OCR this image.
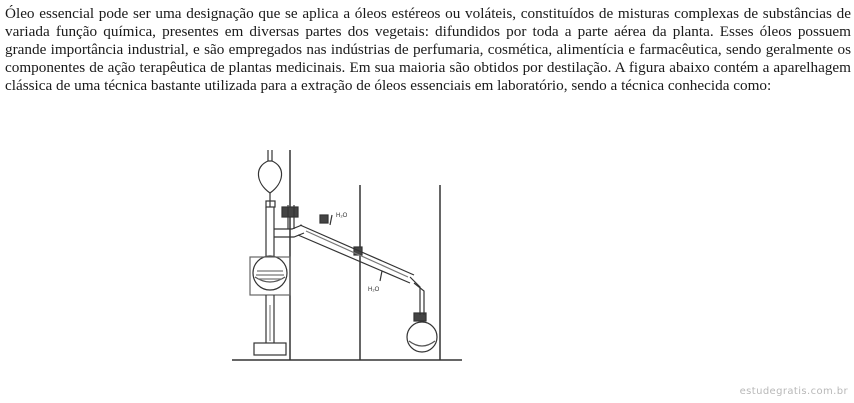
Óleo essencial pode ser uma designação que se aplica a óleos estéreos ou voláteis, constituídos de misturas complexas de substâncias de variada função química, presentes em diversas partes dos vegetais: difundidos por toda a parte aérea da planta. Esses óleos possuem grande importância industrial, e são empregados nas indústrias de perfumaria, cosmética, alimentícia e farmacêutica, sendo geralmente os componentes de ação terapêutica de plantas medicinais. Em sua maioria são obtidos por destilação. A figura abaixo contém a aparelhagem clássica de uma técnica bastante utilizada para a extração de óleos essenciais em laboratório, sendo a técnica conhecida como:

H₂O
H₂O
estudegratis.com.br
